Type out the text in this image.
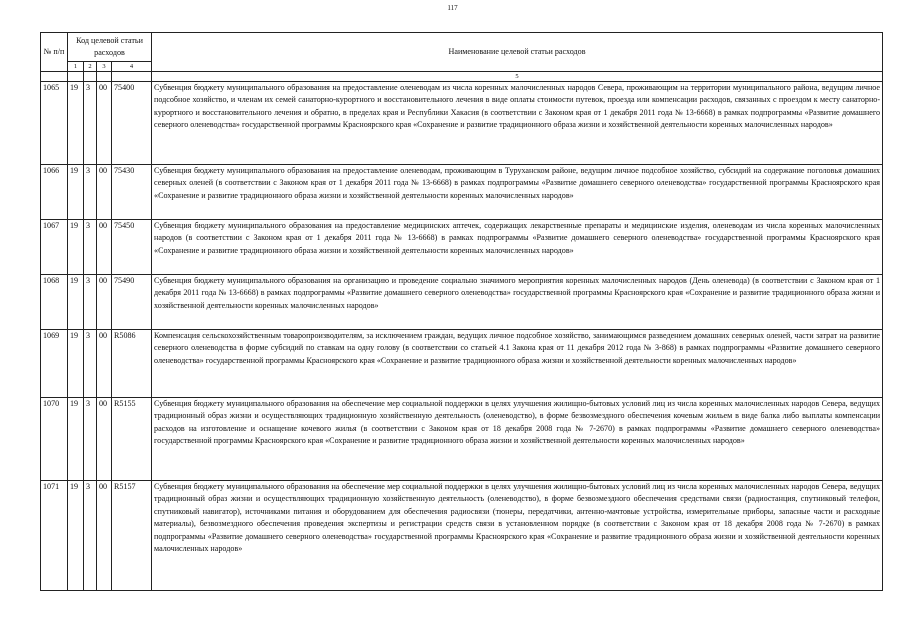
117
№ п/п	Код целевой статьи расходов				Наименование целевой статьи расходов
	1	2	3	4	
					5
1065	19	3	00	75400	Субвенция бюджету муниципального образования на предоставление оленеводам из числа коренных малочисленных народов Севера, проживающим на территории муниципального района, ведущим личное подсобное хозяйство, и членам их семей санаторно-курортного и восстановительного лечения в виде оплаты стоимости путевок, проезда или компенсации расходов, связанных с проездом к месту санаторно-курортного и восстановительного лечения и обратно, в пределах края и Республики Хакасия (в соответствии с Законом края от 1 декабря 2011 года № 13-6668) в рамках подпрограммы «Развитие домашнего северного оленеводства» государственной программы Красноярского края «Сохранение и развитие традиционного образа жизни и хозяйственной деятельности коренных малочисленных народов»
1066	19	3	00	75430	Субвенция бюджету муниципального образования на предоставление оленеводам, проживающим в Туруханском районе, ведущим личное подсобное хозяйство, субсидий на содержание поголовья домашних северных оленей (в соответствии с Законом края от 1 декабря 2011 года № 13-6668) в рамках подпрограммы «Развитие домашнего северного оленеводства» государственной программы Красноярского края «Сохранение и развитие традиционного образа жизни и хозяйственной деятельности коренных малочисленных народов»
1067	19	3	00	75450	Субвенция бюджету муниципального образования на предоставление медицинских аптечек, содержащих лекарственные препараты и медицинские изделия, оленеводам из числа коренных малочисленных народов (в соответствии с Законом края от 1 декабря 2011 года № 13-6668) в рамках подпрограммы «Развитие домашнего северного оленеводства» государственной программы Красноярского края «Сохранение и развитие традиционного образа жизни и хозяйственной деятельности коренных малочисленных народов»
1068	19	3	00	75490	Субвенция бюджету муниципального образования на организацию и проведение социально значимого мероприятия коренных малочисленных народов (День оленевода) (в соответствии с Законом края от 1 декабря 2011 года № 13-6668) в рамках подпрограммы «Развитие домашнего северного оленеводства» государственной программы Красноярского края «Сохранение и развитие традиционного образа жизни и хозяйственной деятельности коренных малочисленных народов»
1069	19	3	00	R5086	Компенсация сельскохозяйственным товаропроизводителям, за исключением граждан, ведущих личное подсобное хозяйство, занимающимся разведением домашних северных оленей, части затрат на развитие северного оленеводства в форме субсидий по ставкам на одну голову (в соответствии со статьей 4.1 Закона края от 11 декабря 2012 года № 3-868) в рамках подпрограммы «Развитие домашнего северного оленеводства» государственной программы Красноярского края «Сохранение и развитие традиционного образа жизни и хозяйственной деятельности коренных малочисленных народов»
1070	19	3	00	R5155	Субвенция бюджету муниципального образования на обеспечение мер социальной поддержки в целях улучшения жилищно-бытовых условий лиц из числа коренных малочисленных народов Севера, ведущих традиционный образ жизни и осуществляющих традиционную хозяйственную деятельность (оленеводство), в форме безвозмездного обеспечения кочевым жильем в виде балка либо выплаты компенсации расходов на изготовление и оснащение кочевого жилья (в соответствии с Законом края от 18 декабря 2008 года № 7-2670) в рамках подпрограммы «Развитие домашнего северного оленеводства» государственной программы Красноярского края «Сохранение и развитие традиционного образа жизни и хозяйственной деятельности коренных малочисленных народов»
1071	19	3	00	R5157	Субвенция бюджету муниципального образования на обеспечение мер социальной поддержки в целях улучшения жилищно-бытовых условий лиц из числа коренных малочисленных народов Севера, ведущих традиционный образ жизни и осуществляющих традиционную хозяйственную деятельность (оленеводство), в форме безвозмездного обеспечения средствами связи (радиостанция, спутниковый телефон, спутниковый навигатор), источниками питания и оборудованием для обеспечения радиосвязи (тюнеры, передатчики, антенно-мачтовые устройства, измерительные приборы, запасные части и расходные материалы), безвозмездного обеспечения проведения экспертизы и регистрации средств связи в установленном порядке (в соответствии с Законом края от 18 декабря 2008 года № 7-2670) в рамках подпрограммы «Развитие домашнего северного оленеводства» государственной программы Красноярского края «Сохранение и развитие традиционного образа жизни и хозяйственной деятельности коренных малочисленных народов»
